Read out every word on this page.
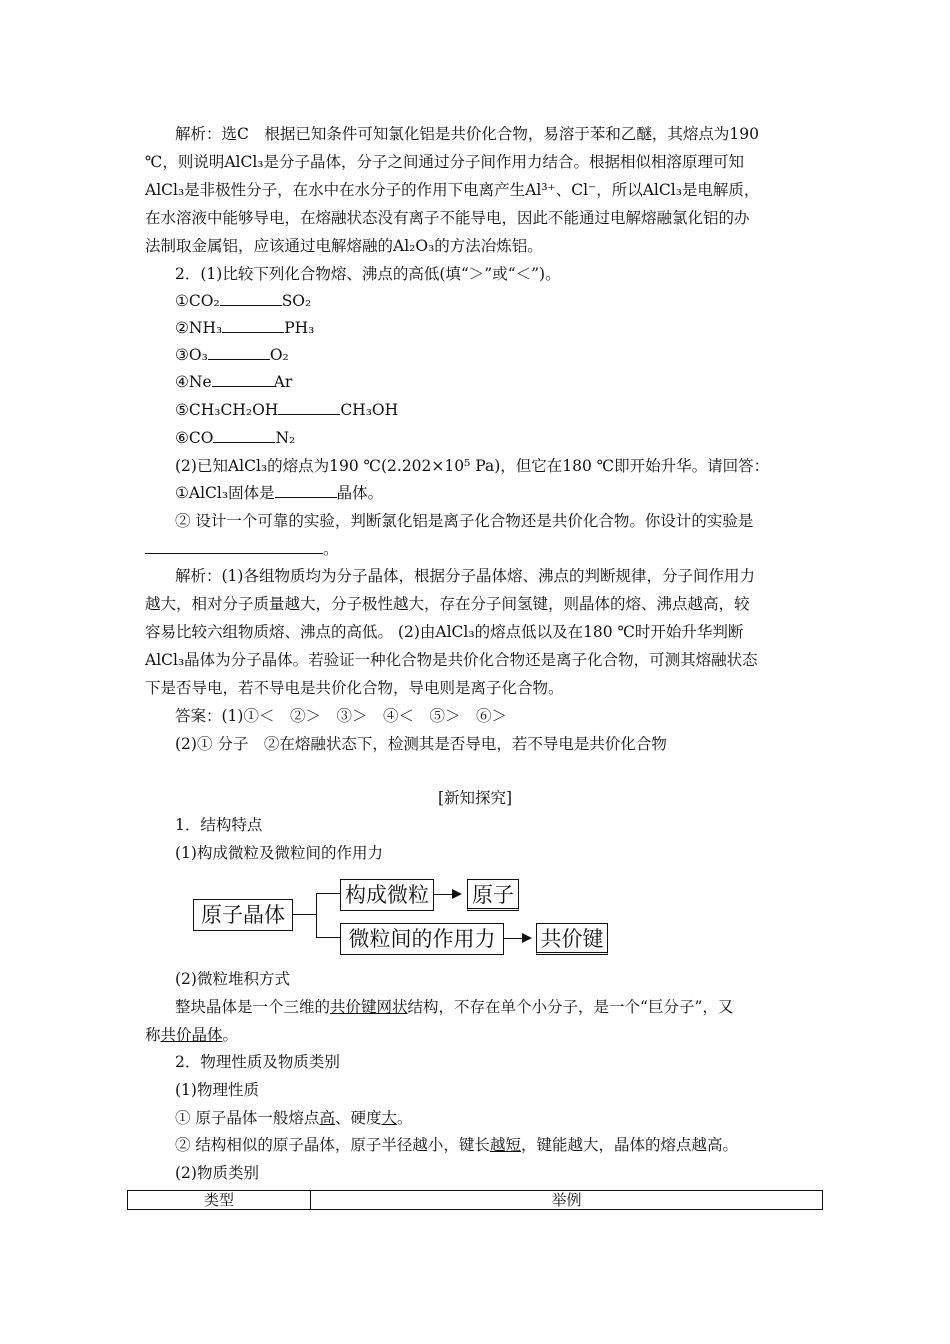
解析：选C　根据已知条件可知氯化铝是共价化合物，易溶于苯和乙醚，其熔点为190
℃，则说明AlCl₃是分子晶体，分子之间通过分子间作用力结合。根据相似相溶原理可知
AlCl₃是非极性分子，在水中在水分子的作用下电离产生Al³⁺、Cl⁻，所以AlCl₃是电解质，
在水溶液中能够导电，在熔融状态没有离子不能导电，因此不能通过电解熔融氯化铝的办
法制取金属铝，应该通过电解熔融的Al₂O₃的方法冶炼铝。
2．(1)比较下列化合物熔、沸点的高低(填“＞”或“＜”)。
①CO₂	SO₂
②NH₃	PH₃
③O₃	O₂
④Ne	Ar
⑤CH₃CH₂OH	CH₃OH
⑥CO	N₂
(2)已知AlCl₃的熔点为190 ℃(2.202×10⁵ Pa)，但它在180 ℃即开始升华。请回答：
①AlCl₃固体是	晶体。
② 设计一个可靠的实验，判断氯化铝是离子化合物还是共价化合物。你设计的实验是
。
解析：(1)各组物质均为分子晶体，根据分子晶体熔、沸点的判断规律，分子间作用力
越大，相对分子质量越大，分子极性越大，存在分子间氢键，则晶体的熔、沸点越高，较
容易比较六组物质熔、沸点的高低。 (2)由AlCl₃的熔点低以及在180 ℃时开始升华判断
AlCl₃晶体为分子晶体。若验证一种化合物是共价化合物还是离子化合物，可测其熔融状态
下是否导电，若不导电是共价化合物，导电则是离子化合物。
答案：(1)①＜　②＞　③＞　④＜　⑤＞　⑥＞
(2)① 分子　②在熔融状态下，检测其是否导电，若不导电是共价化合物
[新知探究]
1．结构特点
(1)构成微粒及微粒间的作用力
原子晶体
构成微粒 原子
微粒间的作用力	共价键
(2)微粒堆积方式
整块晶体是一个三维的共价键网状结构，不存在单个小分子，是一个“巨分子”，又
称共价晶体。
2．物理性质及物质类别
(1)物理性质
① 原子晶体一般熔点高、硬度大。
② 结构相似的原子晶体，原子半径越小，键长越短，键能越大，晶体的熔点越高。
(2)物质类别
类型	举例
